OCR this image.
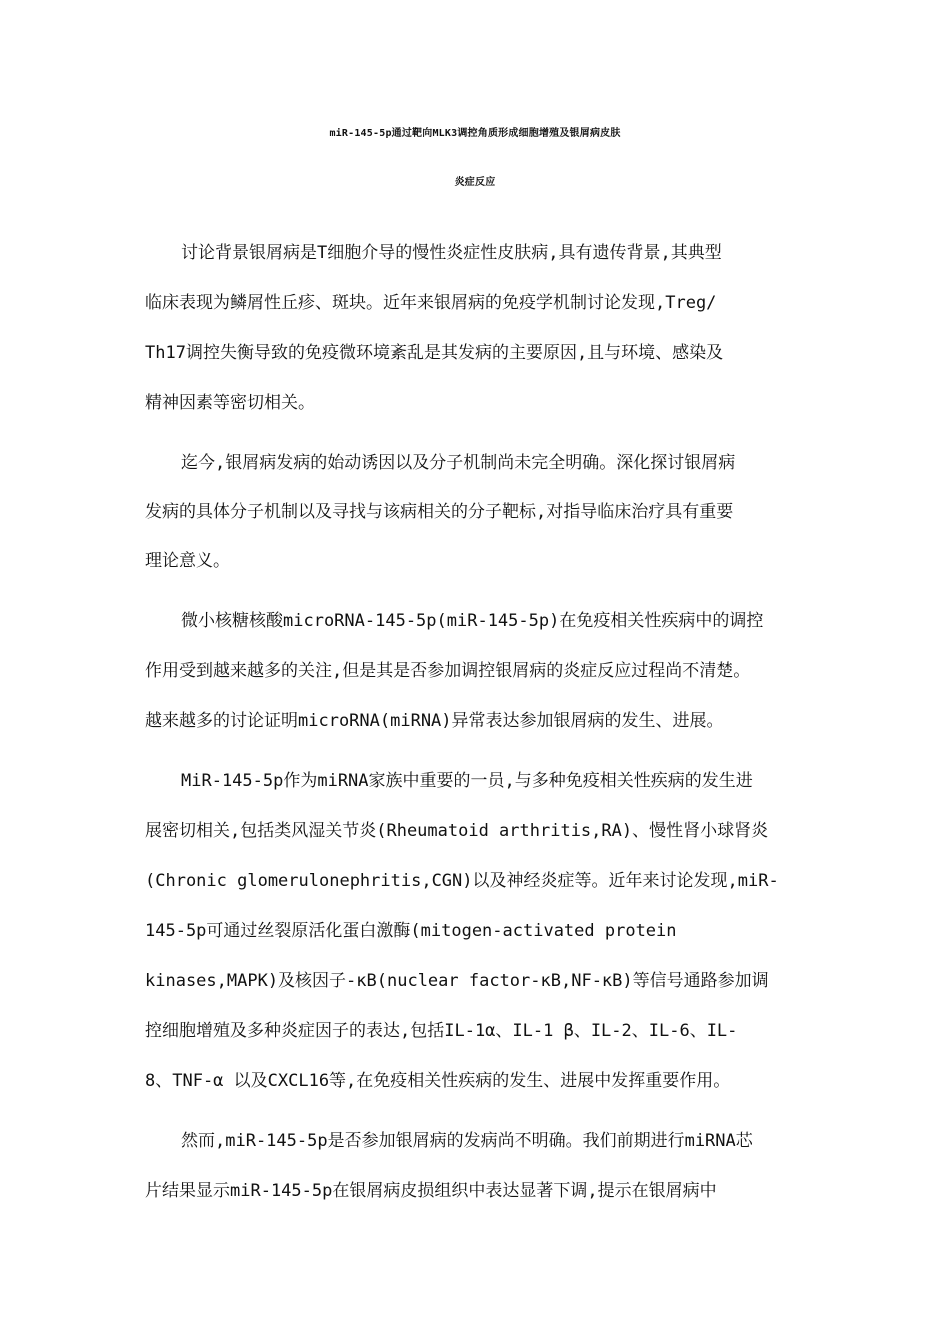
miR-145-5p通过靶向MLK3调控角质形成细胞增殖及银屑病皮肤
炎症反应
讨论背景银屑病是T细胞介导的慢性炎症性皮肤病,具有遗传背景,其典型
临床表现为鳞屑性丘疹、斑块。近年来银屑病的免疫学机制讨论发现,Treg/
Th17调控失衡导致的免疫微环境紊乱是其发病的主要原因,且与环境、感染及
精神因素等密切相关。
迄今,银屑病发病的始动诱因以及分子机制尚未完全明确。深化探讨银屑病
发病的具体分子机制以及寻找与该病相关的分子靶标,对指导临床治疗具有重要
理论意义。
微小核糖核酸microRNA-145-5p(miR-145-5p)在免疫相关性疾病中的调控
作用受到越来越多的关注,但是其是否参加调控银屑病的炎症反应过程尚不清楚。
越来越多的讨论证明microRNA(miRNA)异常表达参加银屑病的发生、进展。
MiR-145-5p作为miRNA家族中重要的一员,与多种免疫相关性疾病的发生进
展密切相关,包括类风湿关节炎(Rheumatoid arthritis,RA)、慢性肾小球肾炎
(Chronic glomerulonephritis,CGN)以及神经炎症等。近年来讨论发现,miR-
145-5p可通过丝裂原活化蛋白激酶(mitogen-activated protein
kinases,MAPK)及核因子-κB(nuclear factor-κB,NF-κB)等信号通路参加调
控细胞增殖及多种炎症因子的表达,包括IL-1α、IL-1 β、IL-2、IL-6、IL-
8、TNF-α 以及CXCL16等,在免疫相关性疾病的发生、进展中发挥重要作用。
然而,miR-145-5p是否参加银屑病的发病尚不明确。我们前期进行miRNA芯
片结果显示miR-145-5p在银屑病皮损组织中表达显著下调,提示在银屑病中
